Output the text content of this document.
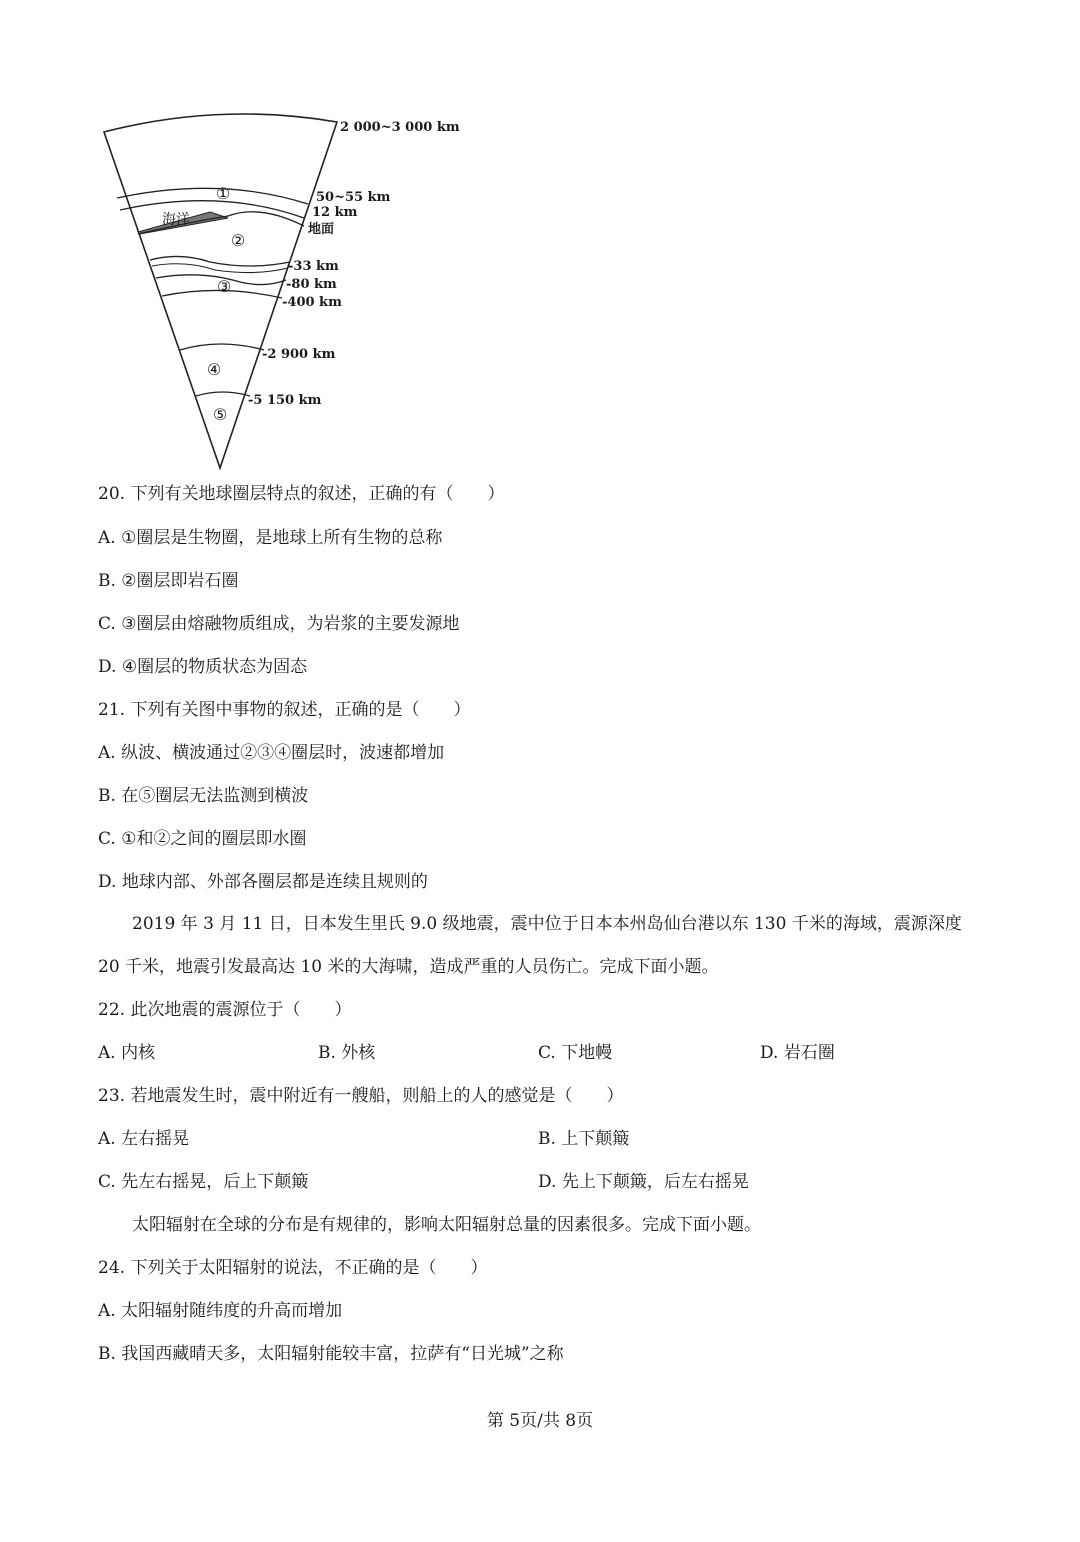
①
②
③
④
⑤
海洋
2 000~3 000 km
50~55 km
12 km
地面
-33 km
-80 km
-400 km
-2 900 km
-5 150 km
20. 下列有关地球圈层特点的叙述，正确的有（　　）
A. ①圈层是生物圈，是地球上所有生物的总称
B. ②圈层即岩石圈
C. ③圈层由熔融物质组成，为岩浆的主要发源地
D. ④圈层的物质状态为固态
21. 下列有关图中事物的叙述，正确的是（　　）
A. 纵波、横波通过②③④圈层时，波速都增加
B. 在⑤圈层无法监测到横波
C. ①和②之间的圈层即水圈
D. 地球内部、外部各圈层都是连续且规则的
2019 年 3 月 11 日，日本发生里氏 9.0 级地震，震中位于日本本州岛仙台港以东 130 千米的海域，震源深度 20 千米，地震引发最高达 10 米的大海啸，造成严重的人员伤亡。完成下面小题。
22. 此次地震的震源位于（　　）
A. 内核	B. 外核	C. 下地幔	D. 岩石圈
23. 若地震发生时，震中附近有一艘船，则船上的人的感觉是（　　）
A. 左右摇晃	B. 上下颠簸
C. 先左右摇晃，后上下颠簸	D. 先上下颠簸，后左右摇晃
太阳辐射在全球的分布是有规律的，影响太阳辐射总量的因素很多。完成下面小题。
24. 下列关于太阳辐射的说法，不正确的是（　　）
A. 太阳辐射随纬度的升高而增加
B. 我国西藏晴天多，太阳辐射能较丰富，拉萨有“日光城”之称
第 5页/共 8页
